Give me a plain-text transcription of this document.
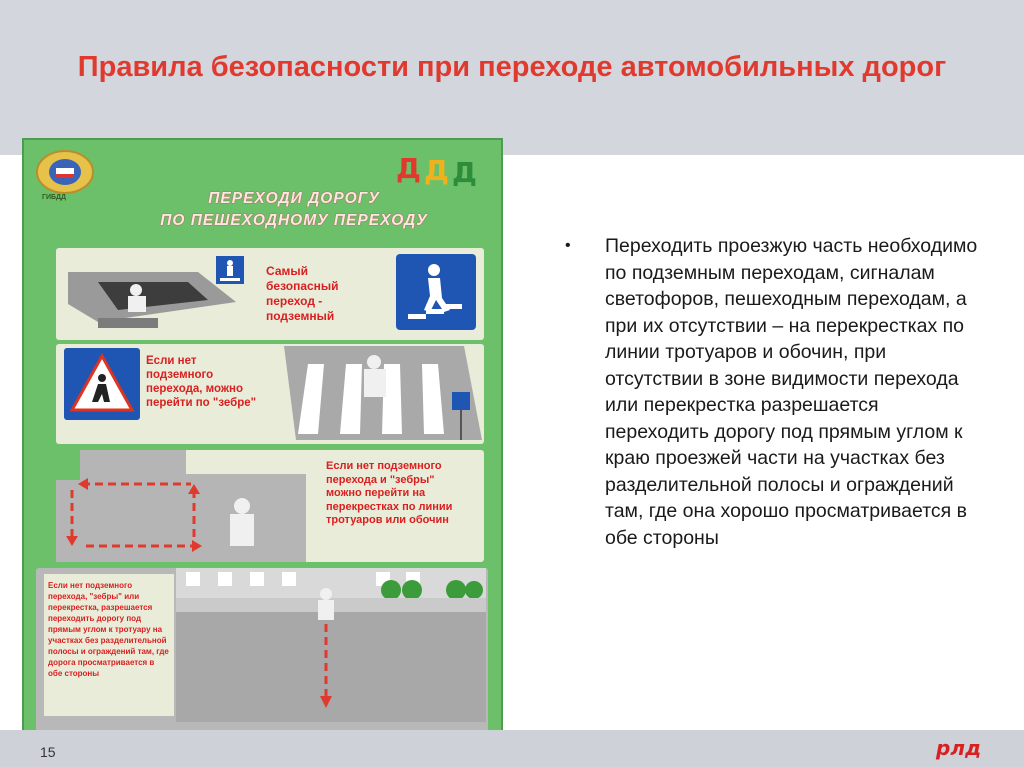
Правила безопасности при переходе автомобильных дорог
ГИБДД
Д Д Д
ПЕРЕХОДИ ДОРОГУ
ПО ПЕШЕХОДНОМУ ПЕРЕХОДУ
Самый безопасный переход - подземный
Если нет подземного перехода, можно перейти по "зебре"
Если нет подземного перехода и "зебры" можно перейти на перекрестках по линии тротуаров или обочин
Если нет подземного перехода, "зебры" или перекрестка, разрешается переходить дорогу под прямым углом к тротуару на участках без разделительной полосы и ограждений там, где дорога просматривается в обе стороны
• Переходить проезжую часть необходимо по подземным переходам, сигналам светофоров, пешеходным переходам, а при их отсутствии – на перекрестках по линии тротуаров и обочин, при отсутствии в зоне видимости перехода или перекрестка разрешается переходить дорогу под прямым углом к краю проезжей части на участках без разделительной полосы и ограждений там, где она хорошо просматривается в обе стороны
15	рлд
